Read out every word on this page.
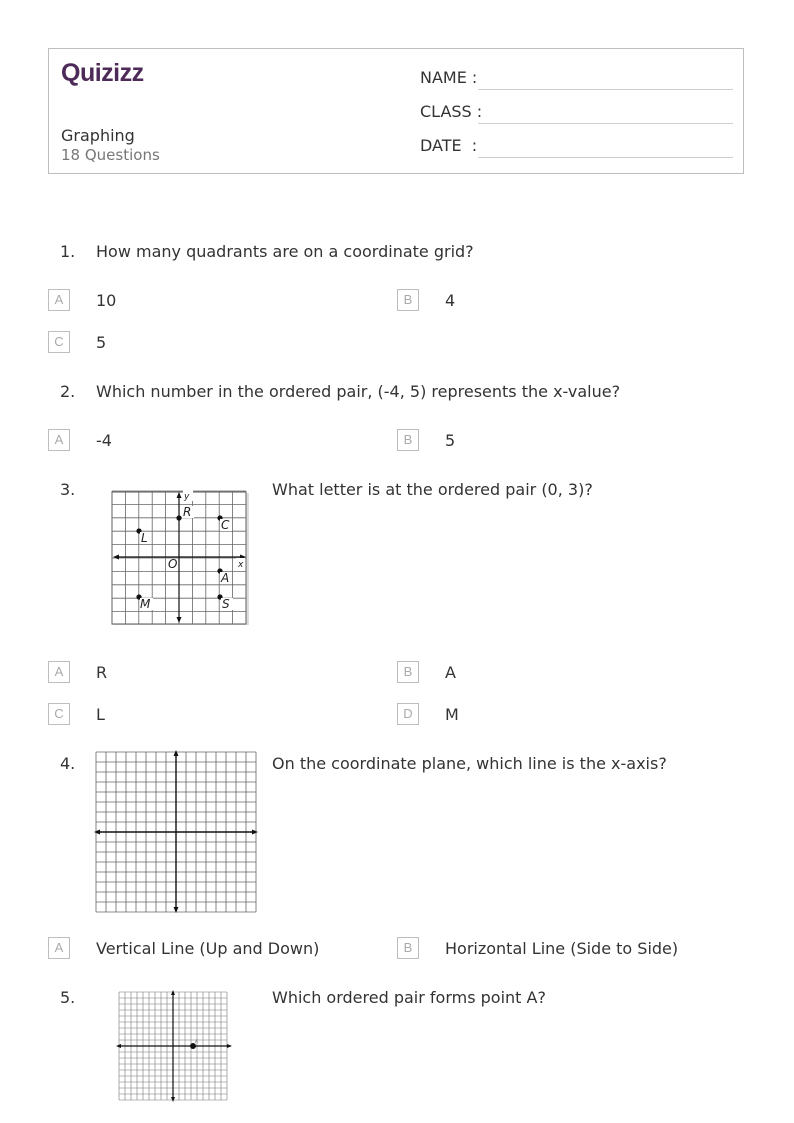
Quizizz
Graphing
18 Questions
NAME :
CLASS :
DATE  :
1. How many quadrants are on a coordinate grid?
A	10	B	4
C	5
2. Which number in the ordered pair, (-4, 5) represents the x-value?
A	-4	B	5
3.	What letter is at the ordered pair (0, 3)?
y
x
O
R
C
L
A
M	S
A	R	B	A
C	L	D	M
4.	On the coordinate plane, which line is the x-axis?
A	Vertical Line (Up and Down)	B	Horizontal Line (Side to Side)
5.	Which ordered pair forms point A?
A
